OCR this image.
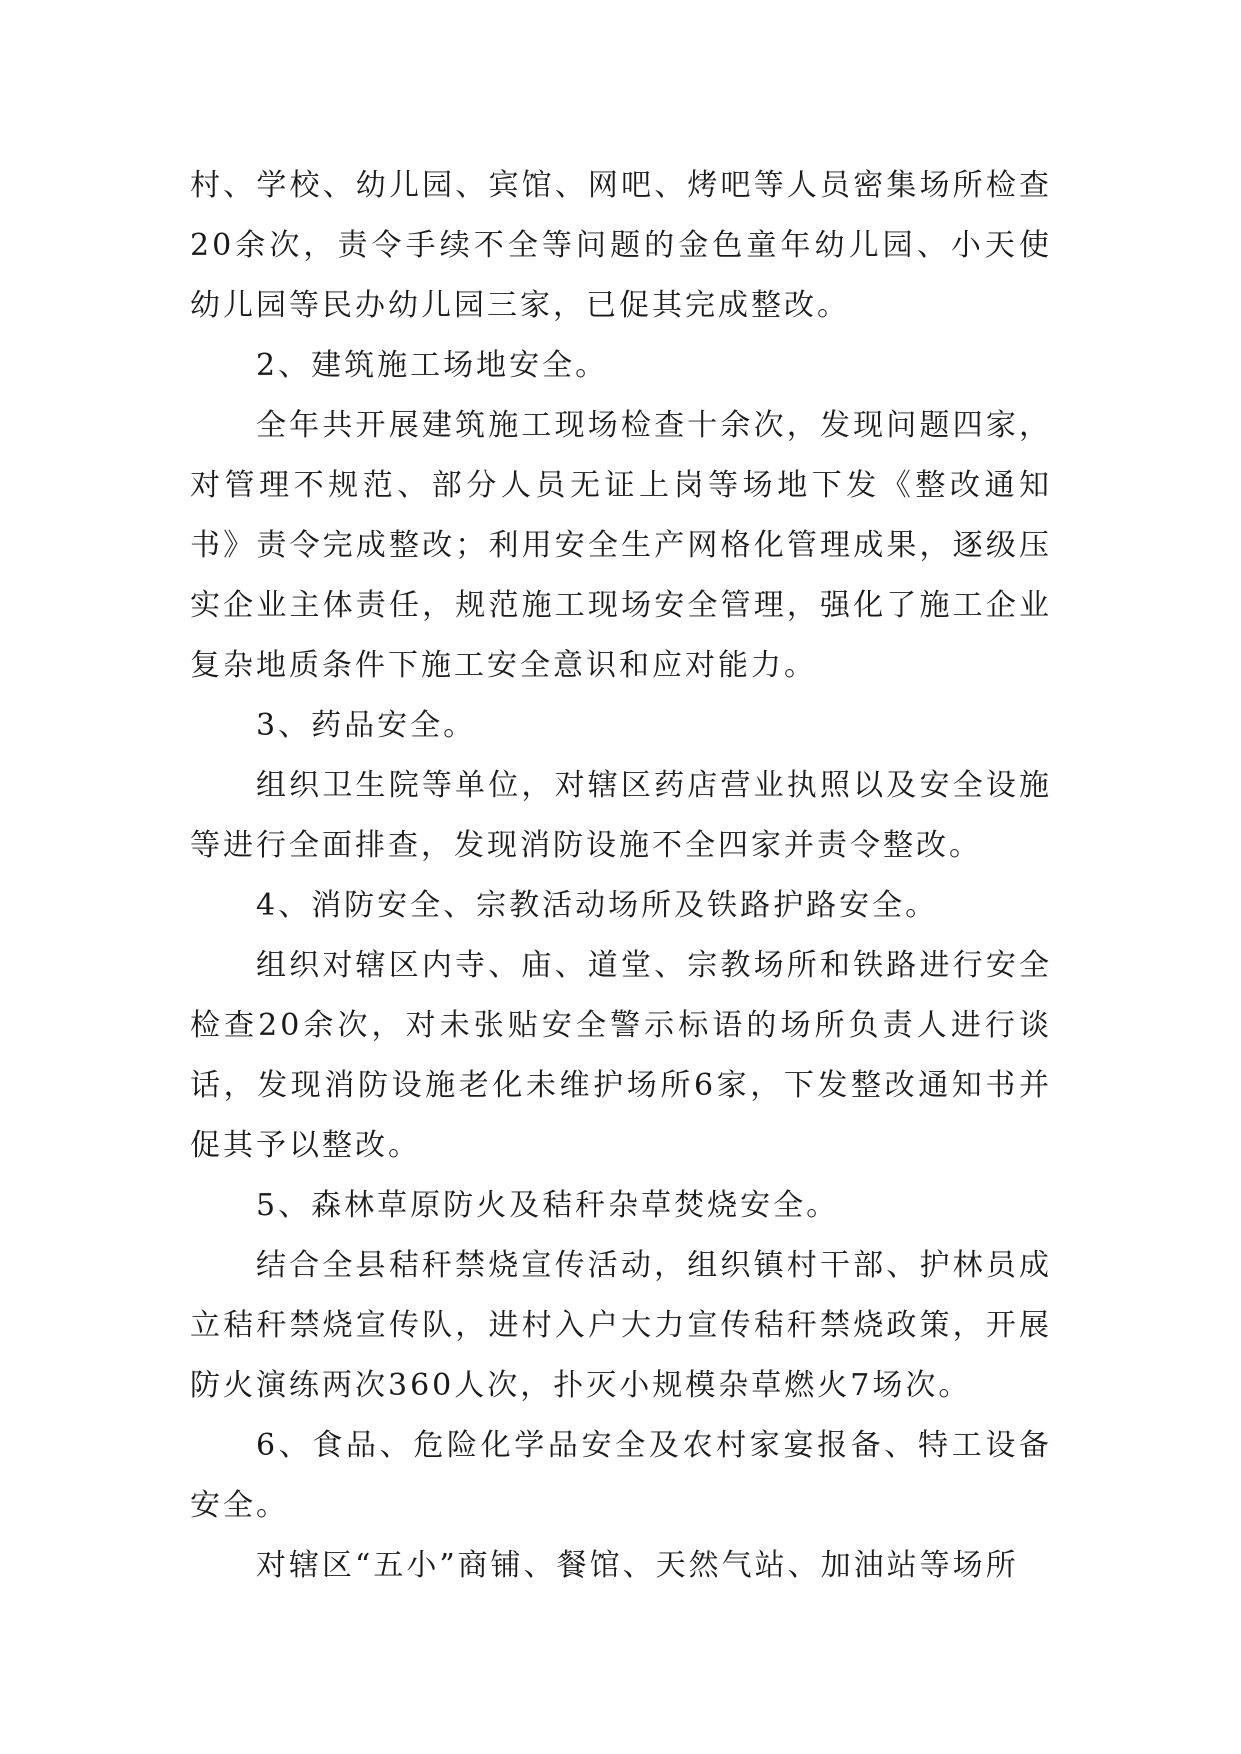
村、学校、幼儿园、宾馆、网吧、烤吧等人员密集场所检查20余次，责令手续不全等问题的金色童年幼儿园、小天使幼儿园等民办幼儿园三家，已促其完成整改。

2、建筑施工场地安全。

全年共开展建筑施工现场检查十余次，发现问题四家，对管理不规范、部分人员无证上岗等场地下发《整改通知书》责令完成整改；利用安全生产网格化管理成果，逐级压实企业主体责任，规范施工现场安全管理，强化了施工企业复杂地质条件下施工安全意识和应对能力。

3、药品安全。

组织卫生院等单位，对辖区药店营业执照以及安全设施等进行全面排查，发现消防设施不全四家并责令整改。

4、消防安全、宗教活动场所及铁路护路安全。

组织对辖区内寺、庙、道堂、宗教场所和铁路进行安全检查20余次，对未张贴安全警示标语的场所负责人进行谈话，发现消防设施老化未维护场所6家，下发整改通知书并促其予以整改。

5、森林草原防火及秸秆杂草焚烧安全。

结合全县秸秆禁烧宣传活动，组织镇村干部、护林员成立秸秆禁烧宣传队，进村入户大力宣传秸秆禁烧政策，开展防火演练两次360人次，扑灭小规模杂草燃火7场次。

6、食品、危险化学品安全及农村家宴报备、特工设备安全。

对辖区“五小”商铺、餐馆、天然气站、加油站等场所
